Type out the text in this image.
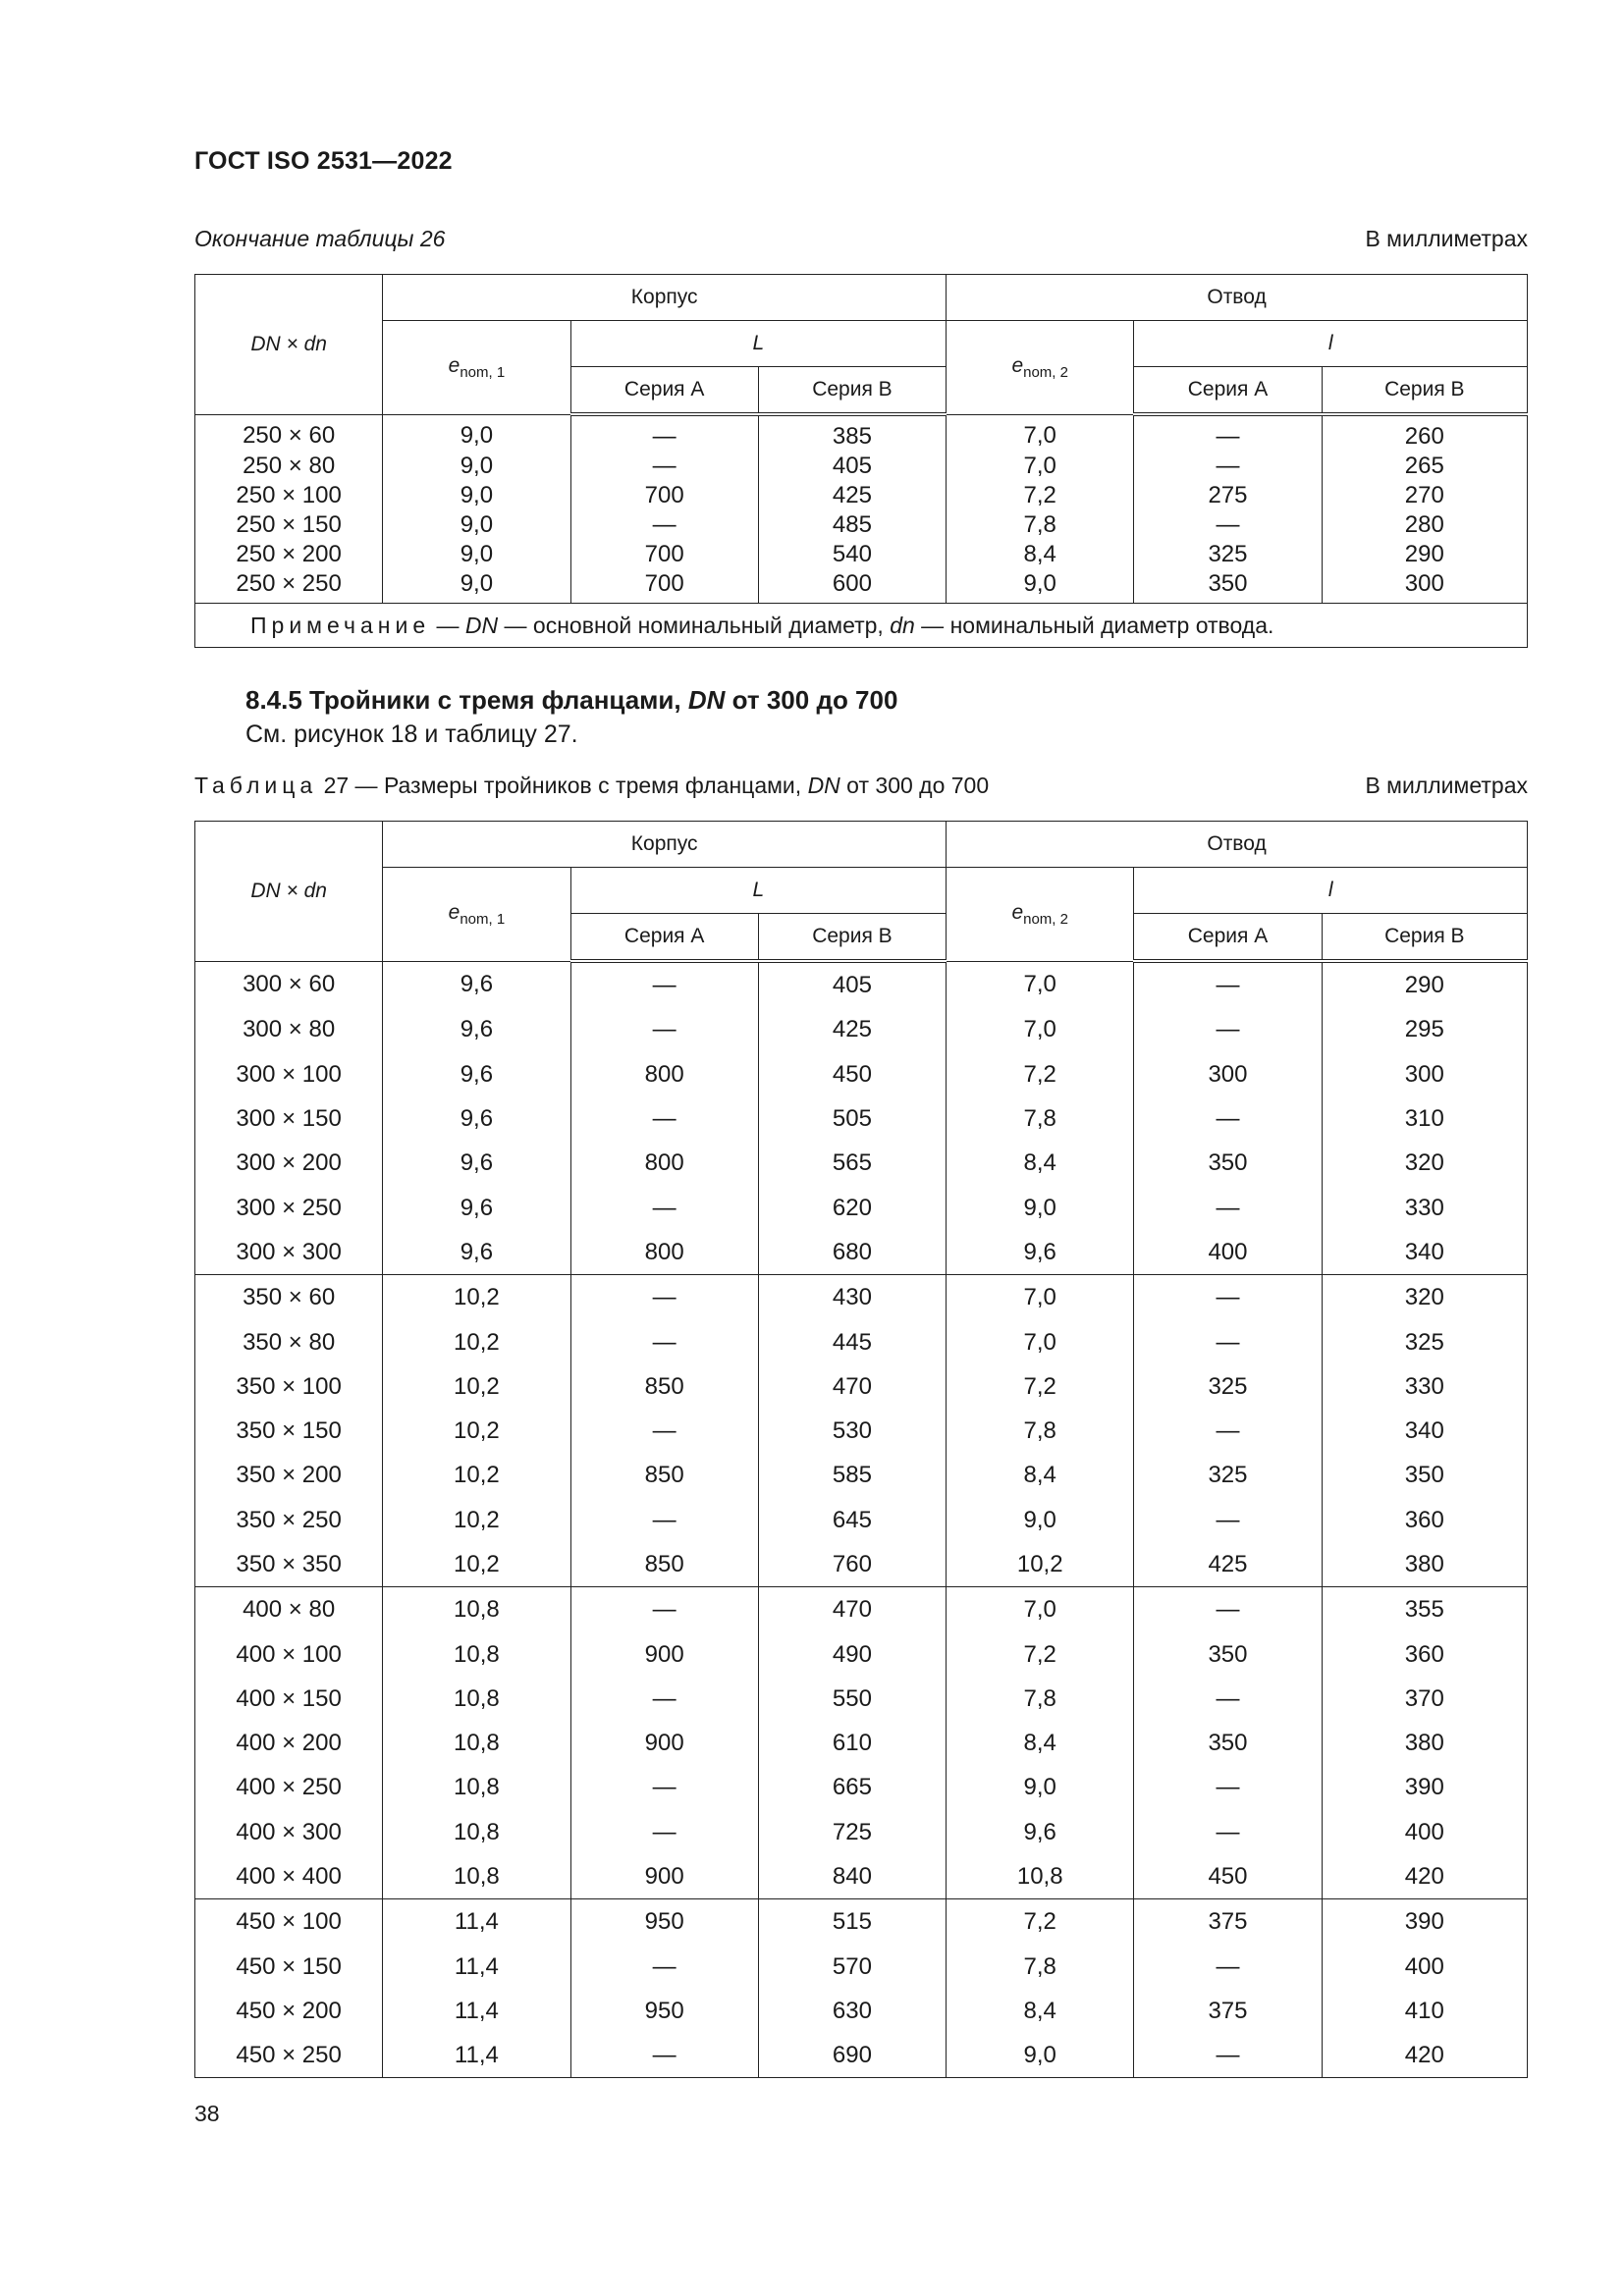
ГОСТ ISO 2531—2022
Окончание таблицы 26	В миллиметрах
DN × dn	Корпус			Отвод		
	$e_{nom, 1}$	L		$e_{nom, 2}$	l	
		Серия А	Серия В		Серия А	Серия В
250 × 60	9,0	—	385	7,0	—	260
250 × 80	9,0	—	405	7,0	—	265
250 × 100	9,0	700	425	7,2	275	270
250 × 150	9,0	—	485	7,8	—	280
250 × 200	9,0	700	540	8,4	325	290
250 × 250	9,0	700	600	9,0	350	300
Примечание — DN — основной номинальный диаметр, dn — номинальный диаметр отвода.						
8.4.5 Тройники с тремя фланцами, DN от 300 до 700
См. рисунок 18 и таблицу 27.
Таблица 27 — Размеры тройников с тремя фланцами, DN от 300 до 700	В миллиметрах
DN × dn	Корпус			Отвод		
	$e_{nom, 1}$	L		$e_{nom, 2}$	l	
		Серия А	Серия В		Серия А	Серия В
300 × 60	9,6	—	405	7,0	—	290
300 × 80	9,6	—	425	7,0	—	295
300 × 100	9,6	800	450	7,2	300	300
300 × 150	9,6	—	505	7,8	—	310
300 × 200	9,6	800	565	8,4	350	320
300 × 250	9,6	—	620	9,0	—	330
300 × 300	9,6	800	680	9,6	400	340
350 × 60	10,2	—	430	7,0	—	320
350 × 80	10,2	—	445	7,0	—	325
350 × 100	10,2	850	470	7,2	325	330
350 × 150	10,2	—	530	7,8	—	340
350 × 200	10,2	850	585	8,4	325	350
350 × 250	10,2	—	645	9,0	—	360
350 × 350	10,2	850	760	10,2	425	380
400 × 80	10,8	—	470	7,0	—	355
400 × 100	10,8	900	490	7,2	350	360
400 × 150	10,8	—	550	7,8	—	370
400 × 200	10,8	900	610	8,4	350	380
400 × 250	10,8	—	665	9,0	—	390
400 × 300	10,8	—	725	9,6	—	400
400 × 400	10,8	900	840	10,8	450	420
450 × 100	11,4	950	515	7,2	375	390
450 × 150	11,4	—	570	7,8	—	400
450 × 200	11,4	950	630	8,4	375	410
450 × 250	11,4	—	690	9,0	—	420
38
